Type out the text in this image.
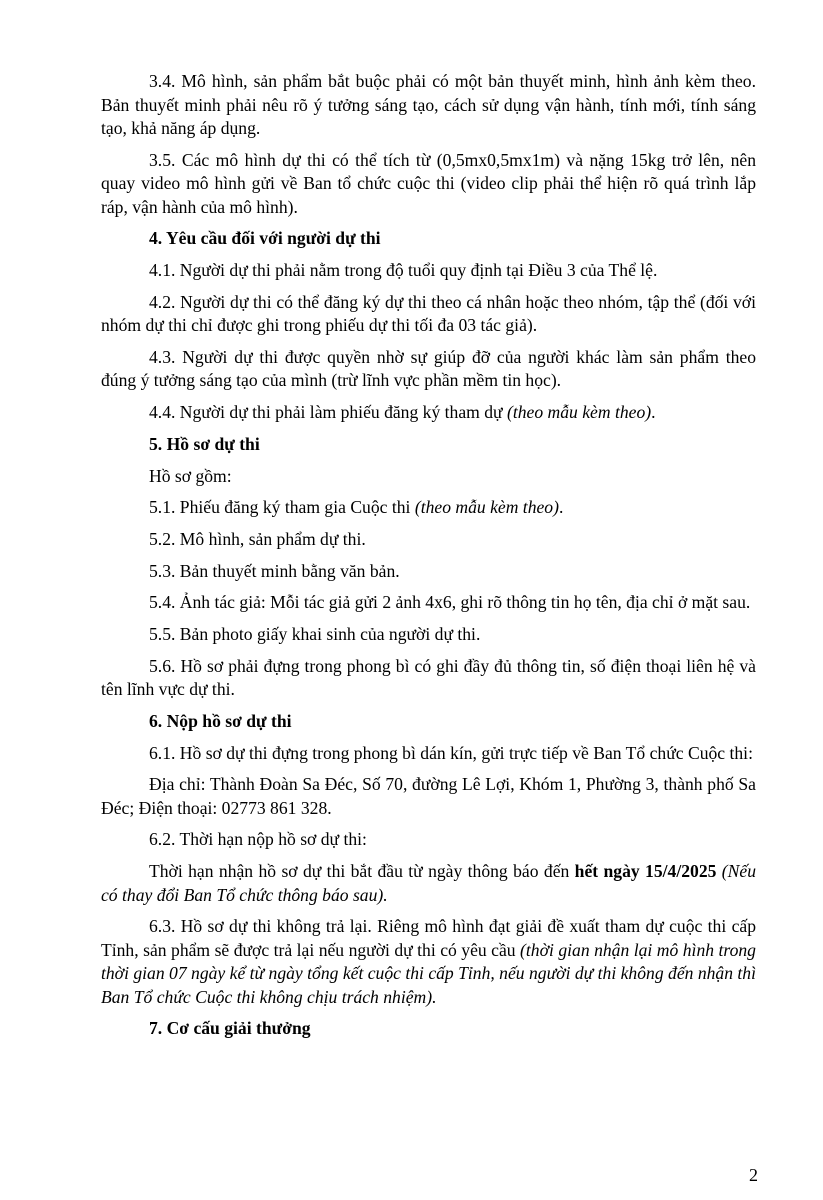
3.4. Mô hình, sản phẩm bắt buộc phải có một bản thuyết minh, hình ảnh kèm theo. Bản thuyết minh phải nêu rõ ý tưởng sáng tạo, cách sử dụng vận hành, tính mới, tính sáng tạo, khả năng áp dụng.

3.5. Các mô hình dự thi có thể tích từ (0,5mx0,5mx1m) và nặng 15kg trở lên, nên quay video mô hình gửi về Ban tổ chức cuộc thi (video clip phải thể hiện rõ quá trình lắp ráp, vận hành của mô hình).

4. Yêu cầu đối với người dự thi

4.1. Người dự thi phải nằm trong độ tuổi quy định tại Điều 3 của Thể lệ.

4.2. Người dự thi có thể đăng ký dự thi theo cá nhân hoặc theo nhóm, tập thể (đối với nhóm dự thi chỉ được ghi trong phiếu dự thi tối đa 03 tác giả).

4.3. Người dự thi được quyền nhờ sự giúp đỡ của người khác làm sản phẩm theo đúng ý tưởng sáng tạo của mình (trừ lĩnh vực phần mềm tin học).

4.4. Người dự thi phải làm phiếu đăng ký tham dự (theo mẫu kèm theo).

5. Hồ sơ dự thi

Hồ sơ gồm:

5.1. Phiếu đăng ký tham gia Cuộc thi (theo mẫu kèm theo).

5.2. Mô hình, sản phẩm dự thi.

5.3. Bản thuyết minh bằng văn bản.

5.4. Ảnh tác giả: Mỗi tác giả gửi 2 ảnh 4x6, ghi rõ thông tin họ tên, địa chỉ ở mặt sau.

5.5. Bản photo giấy khai sinh của người dự thi.

5.6. Hồ sơ phải đựng trong phong bì có ghi đầy đủ thông tin, số điện thoại liên hệ và tên lĩnh vực dự thi.

6. Nộp hồ sơ dự thi

6.1. Hồ sơ dự thi đựng trong phong bì dán kín, gửi trực tiếp về Ban Tổ chức Cuộc thi:

Địa chỉ: Thành Đoàn Sa Đéc, Số 70, đường Lê Lợi, Khóm 1, Phường 3, thành phố Sa Đéc; Điện thoại: 02773 861 328.

6.2. Thời hạn nộp hồ sơ dự thi:

Thời hạn nhận hồ sơ dự thi bắt đầu từ ngày thông báo đến hết ngày 15/4/2025 (Nếu có thay đổi Ban Tổ chức thông báo sau).

6.3. Hồ sơ dự thi không trả lại. Riêng mô hình đạt giải đề xuất tham dự cuộc thi cấp Tỉnh, sản phẩm sẽ được trả lại nếu người dự thi có yêu cầu (thời gian nhận lại mô hình trong thời gian 07 ngày kể từ ngày tổng kết cuộc thi cấp Tỉnh, nếu người dự thi không đến nhận thì Ban Tổ chức Cuộc thi không chịu trách nhiệm).

7. Cơ cấu giải thưởng

2
